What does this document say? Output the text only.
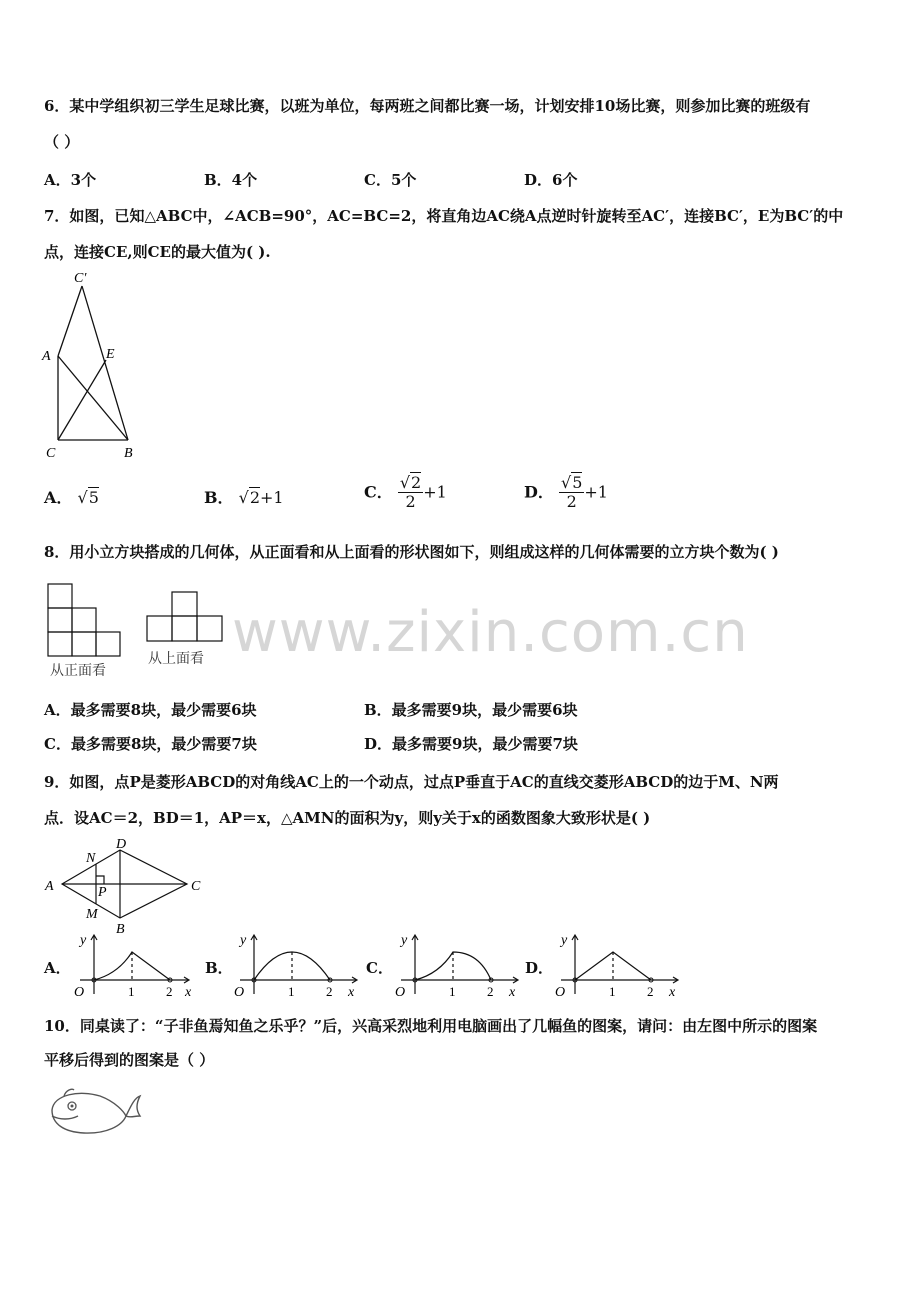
www.zixin.com.cn
6．某中学组织初三学生足球比赛，以班为单位，每两班之间都比赛一场，计划安排10场比赛，则参加比赛的班级有
（ ）
A．3个	B．4个	C．5个	D．6个
7．如图，已知△ABC中，∠ACB=90°，AC=BC=2，将直角边AC绕A点逆时针旋转至AC′，连接BC′，E为BC′的中
点，连接CE,则CE的最大值为( ).
C′
A	E
C	B
A． √5	B． √2+1	C． $\frac{√2}{2} +1$	D． $\frac{√5}{2} +1$
8．用小立方块搭成的几何体，从正面看和从上面看的形状图如下，则组成这样的几何体需要的立方块个数为( )
从正面看
从上面看
A．最多需要8块，最少需要6块	B．最多需要9块，最少需要6块
C．最多需要8块，最少需要7块	D．最多需要9块，最少需要7块
9．如图，点P是菱形ABCD的对角线AC上的一个动点，过点P垂直于AC的直线交菱形ABCD的边于M、N两
点．设AC＝2，BD＝1，AP＝x，△AMN的面积为y，则y关于x的函数图象大致形状是( )
D
N
A	P	C
M
B
A．
y
O	1 2 x
B．
y
O	1 2 x
C．
y
O	1 2 x
D．
y
O	1 2 x
10．同桌读了：“子非鱼焉知鱼之乐乎？”后，兴高采烈地利用电脑画出了几幅鱼的图案，请问：由左图中所示的图案
平移后得到的图案是（ ）
